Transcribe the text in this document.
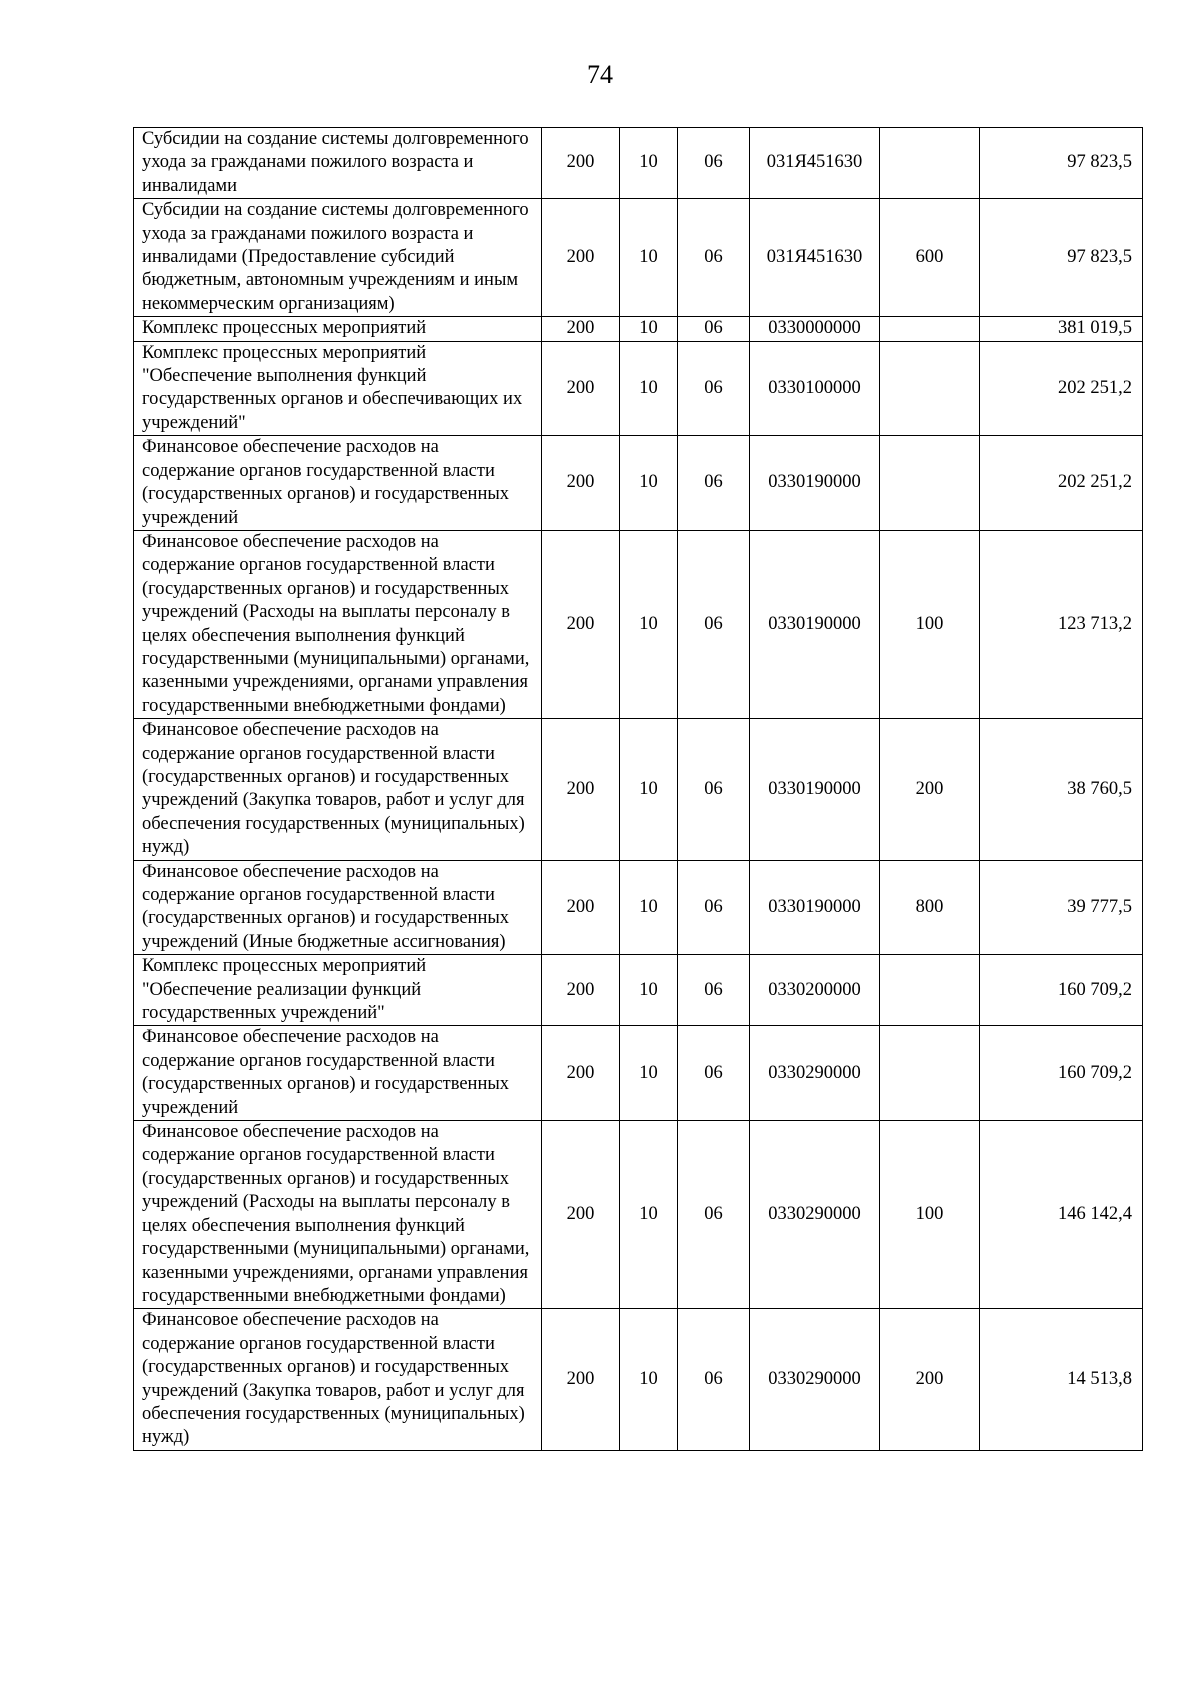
74
Субсидии на создание системы долговременного ухода за гражданами пожилого возраста и инвалидами	200	10	06	031Я451630		97 823,5
Субсидии на создание системы долговременного ухода за гражданами пожилого возраста и инвалидами (Предоставление субсидий бюджетным, автономным учреждениям и иным некоммерческим организациям)	200	10	06	031Я451630	600	97 823,5
Комплекс процессных мероприятий	200	10	06	0330000000		381 019,5
Комплекс процессных мероприятий "Обеспечение выполнения функций государственных органов и обеспечивающих их учреждений"	200	10	06	0330100000		202 251,2
Финансовое обеспечение расходов на содержание органов государственной власти (государственных органов) и государственных учреждений	200	10	06	0330190000		202 251,2
Финансовое обеспечение расходов на содержание органов государственной власти (государственных органов) и государственных учреждений (Расходы на выплаты персоналу в целях обеспечения выполнения функций государственными (муниципальными) органами, казенными учреждениями, органами управления государственными внебюджетными фондами)	200	10	06	0330190000	100	123 713,2
Финансовое обеспечение расходов на содержание органов государственной власти (государственных органов) и государственных учреждений (Закупка товаров, работ и услуг для обеспечения государственных (муниципальных) нужд)	200	10	06	0330190000	200	38 760,5
Финансовое обеспечение расходов на содержание органов государственной власти (государственных органов) и государственных учреждений (Иные бюджетные ассигнования)	200	10	06	0330190000	800	39 777,5
Комплекс процессных мероприятий "Обеспечение реализации функций государственных учреждений"	200	10	06	0330200000		160 709,2
Финансовое обеспечение расходов на содержание органов государственной власти (государственных органов) и государственных учреждений	200	10	06	0330290000		160 709,2
Финансовое обеспечение расходов на содержание органов государственной власти (государственных органов) и государственных учреждений (Расходы на выплаты персоналу в целях обеспечения выполнения функций государственными (муниципальными) органами, казенными учреждениями, органами управления государственными внебюджетными фондами)	200	10	06	0330290000	100	146 142,4
Финансовое обеспечение расходов на содержание органов государственной власти (государственных органов) и государственных учреждений (Закупка товаров, работ и услуг для обеспечения государственных (муниципальных) нужд)	200	10	06	0330290000	200	14 513,8
